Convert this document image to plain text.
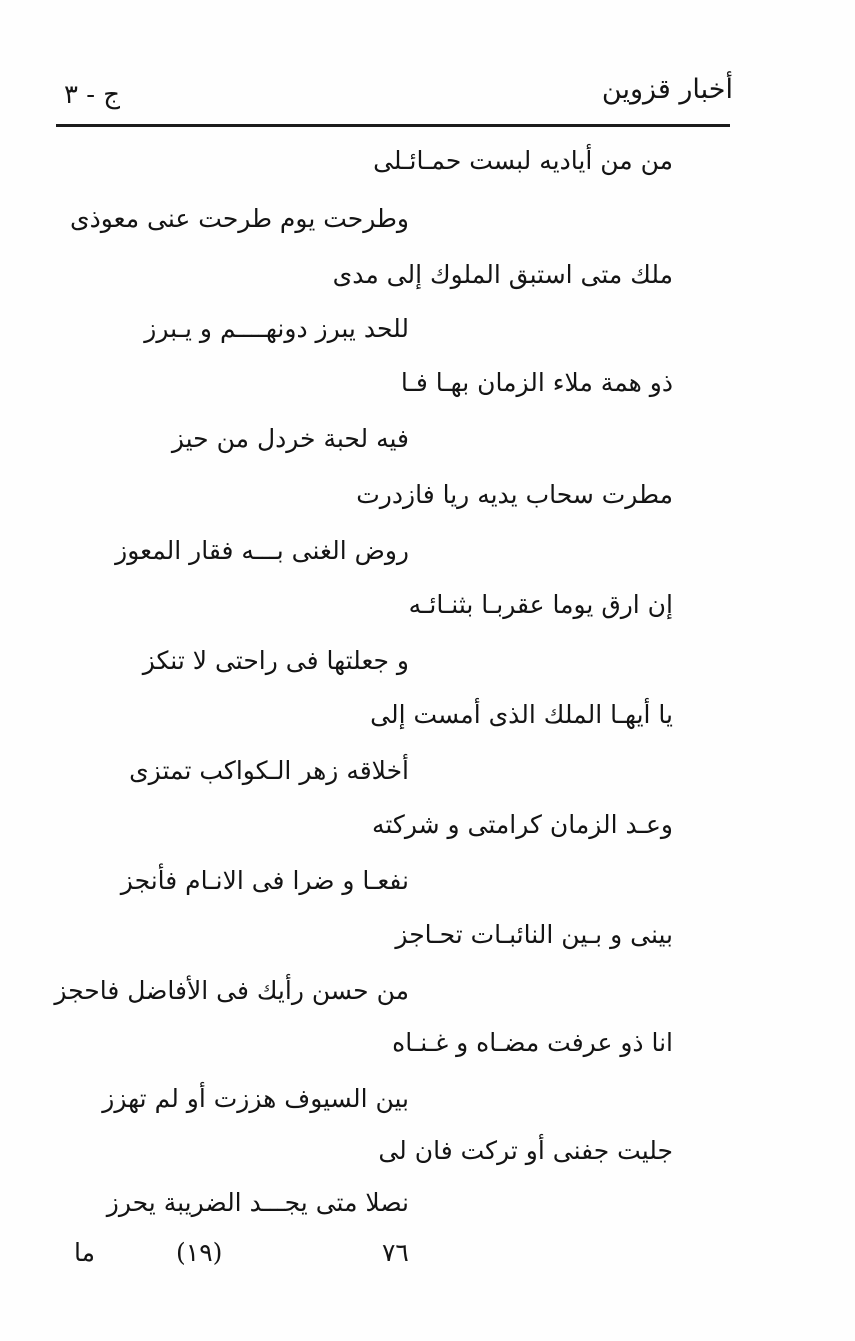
أخبار قزوين
ج - ٣
من من أياديه لبست حمـائـلى
وطرحت يوم طرحت عنى معوذى
ملك متى استبق الملوك إلى مدى
للحد يبرز دونهــــم و يـبرز
ذو همة ملاء الزمان بهـا فـا
فيه لحبة خردل من حيز
مطرت سحاب يديه ريا فازدرت
روض الغنى بـــه فقار المعوز
إن ارق يوما عقربـا بثنـائـه
و جعلتها فى راحتى لا تنكز
يا أيهـا الملك الذى أمست إلى
أخلاقه زهر الـكواكب تمتزى
وعـد الزمان كرامتى و شركته
نفعـا و ضرا فى الانـام فأنجز
بينى و بـين النائبـات تحـاجز
من حسن رأيك فى الأفاضل فاحجز
انا ذو عرفت مضـاه و غـنـاه
بين السيوف هززت أو لم تهزز
جليت جفنى أو تركت فان لى
نصلا متى يجـــد الضريبة يحرز
ما	(١٩)	٧٦
